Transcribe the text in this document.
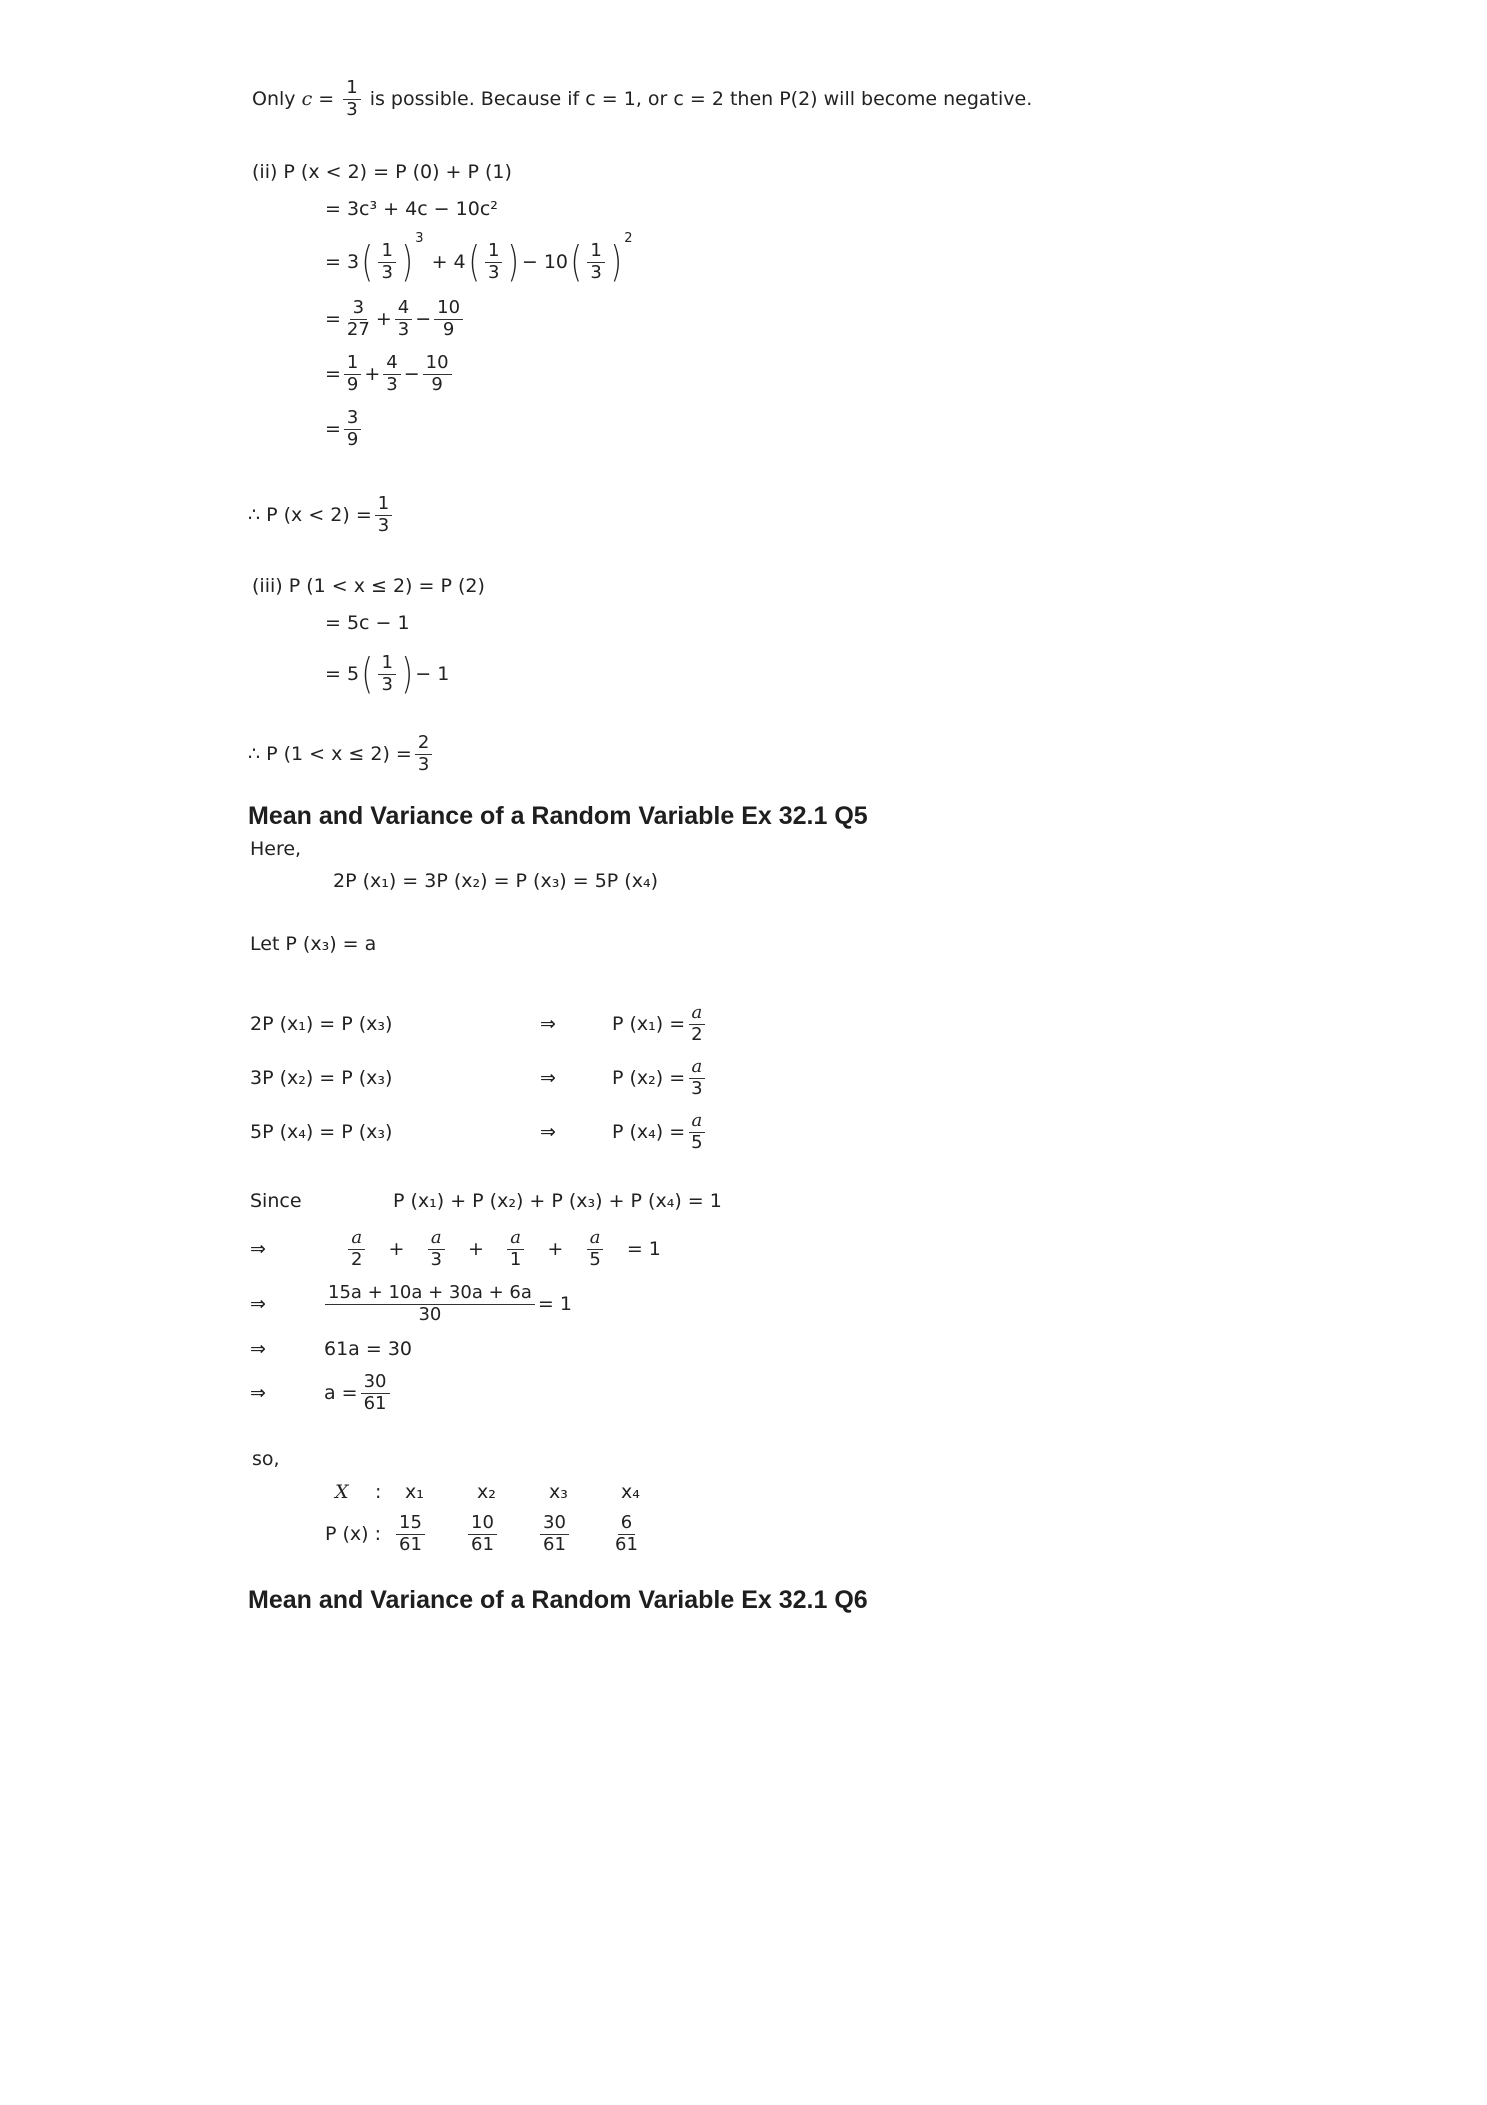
Only $c = \frac{1}{3}$ is possible. Because if c = 1, or c = 2 then P(2) will become negative.
(ii) P (x < 2) = P (0) + P (1)
= 3c³ + 4c − 10c²
= 3 ( $\frac{1}{3} )^3$
+ 4 ( $\frac{1}{3}$ ) − 10 ( $\frac{1}{3} )^2$
= $\frac{3}{27} + \frac{4}{3} - \frac{10}{9}$
= $\frac{1}{9} + \frac{4}{3} - \frac{10}{9}$
= $\frac{3}{9}$
∴ P $(x < 2) = \frac{1}{3}$
(iii) P (1 < x ≤ 2) = P (2)
= 5c − 1
= 5 ( $\frac{1}{3}$ ) − 1
∴ P $(1 < x \le 2) = \frac{2}{3}$
Mean and Variance of a Random Variable Ex 32.1 Q5
Here,
2P (x₁) = 3P (x₂) = P (x₃) = 5P (x₄)
Let P (x₃) = a
2P (x₁) = P (x₃)	⇒	P $(x_1) = \frac{a}{2}$
3P (x₂) = P (x₃)	⇒	P $(x_2) = \frac{a}{3}$
5P (x₄) = P (x₃)	⇒	P $(x_4) = \frac{a}{5}$
Since	P (x₁) + P (x₂) + P (x₃) + P (x₄) = 1
⇒	$\frac{a}{2}$	+	$\frac{a}{3}$	+	$\frac{a}{1}$	+	$\frac{a}{5} = 1$
⇒	$\frac{15a + 10a + 30a + 6a}{30} = 1$
⇒	61a = 30
⇒	$a = \frac{30}{61}$
so,
X	:	x₁	x₂	x₃	x₄
P (x) : $\frac{15}{61} \frac{10}{61} \frac{30}{61} \frac{6}{61}$
Mean and Variance of a Random Variable Ex 32.1 Q6
